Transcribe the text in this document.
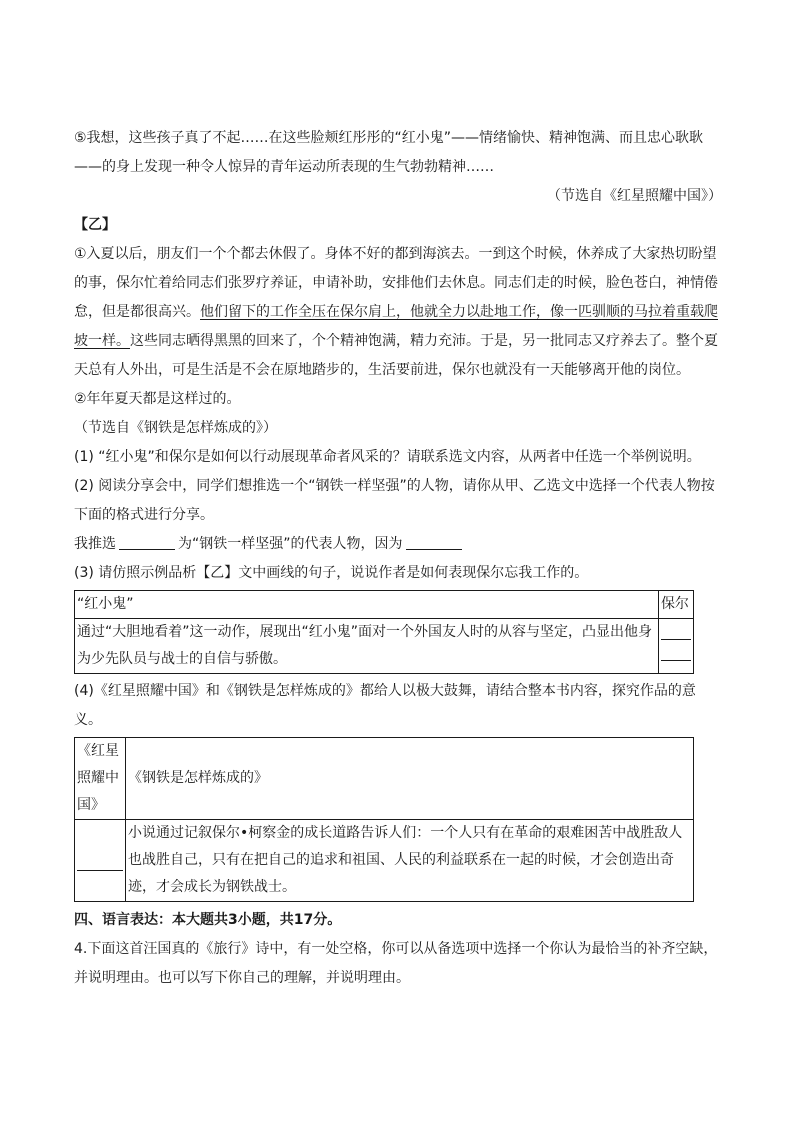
⑤我想，这些孩子真了不起……在这些脸颊红彤彤的“红小鬼”——情绪愉快、精神饱满、而且忠心耿耿——的身上发现一种令人惊异的青年运动所表现的生气勃勃精神……

（节选自《红星照耀中国》）

【乙】

①入夏以后，朋友们一个个都去休假了。身体不好的都到海滨去。一到这个时候，休养成了大家热切盼望的事，保尔忙着给同志们张罗疗养证，申请补助，安排他们去休息。同志们走的时候，脸色苍白，神情倦怠，但是都很高兴。他们留下的工作全压在保尔肩上，他就全力以赴地工作，像一匹驯顺的马拉着重载爬坡一样。这些同志晒得黑黑的回来了，个个精神饱满，精力充沛。于是，另一批同志又疗养去了。整个夏天总有人外出，可是生活是不会在原地踏步的，生活要前进，保尔也就没有一天能够离开他的岗位。

②年年夏天都是这样过的。

（节选自《钢铁是怎样炼成的》）

(1) “红小鬼”和保尔是如何以行动展现革命者风采的？请联系选文内容，从两者中任选一个举例说明。

(2) 阅读分享会中，同学们想推选一个“钢铁一样坚强”的人物，请你从甲、乙选文中选择一个代表人物按下面的格式进行分享。

我推选	为“钢铁一样坚强”的代表人物，因为

(3) 请仿照示例品析【乙】文中画线的句子，说说作者是如何表现保尔忘我工作的。

“红小鬼”	保尔
通过“大胆地看着”这一动作，展现出“红小鬼”面对一个外国友人时的从容与坚定，凸显出他身为少先队员与战士的自信与骄傲。	

(4)《红星照耀中国》和《钢铁是怎样炼成的》都给人以极大鼓舞，请结合整本书内容，探究作品的意义。

《红星照耀中国》	《钢铁是怎样炼成的》

	小说通过记叙保尔•柯察金的成长道路告诉人们：一个人只有在革命的艰难困苦中战胜敌人也战胜自己，只有在把自己的追求和祖国、人民的利益联系在一起的时候，才会创造出奇迹，才会成长为钢铁战士。

四、语言表达：本大题共3小题，共17分。

4.下面这首汪国真的《旅行》诗中，有一处空格，你可以从备选项中选择一个你认为最恰当的补齐空缺，并说明理由。也可以写下你自己的理解，并说明理由。
